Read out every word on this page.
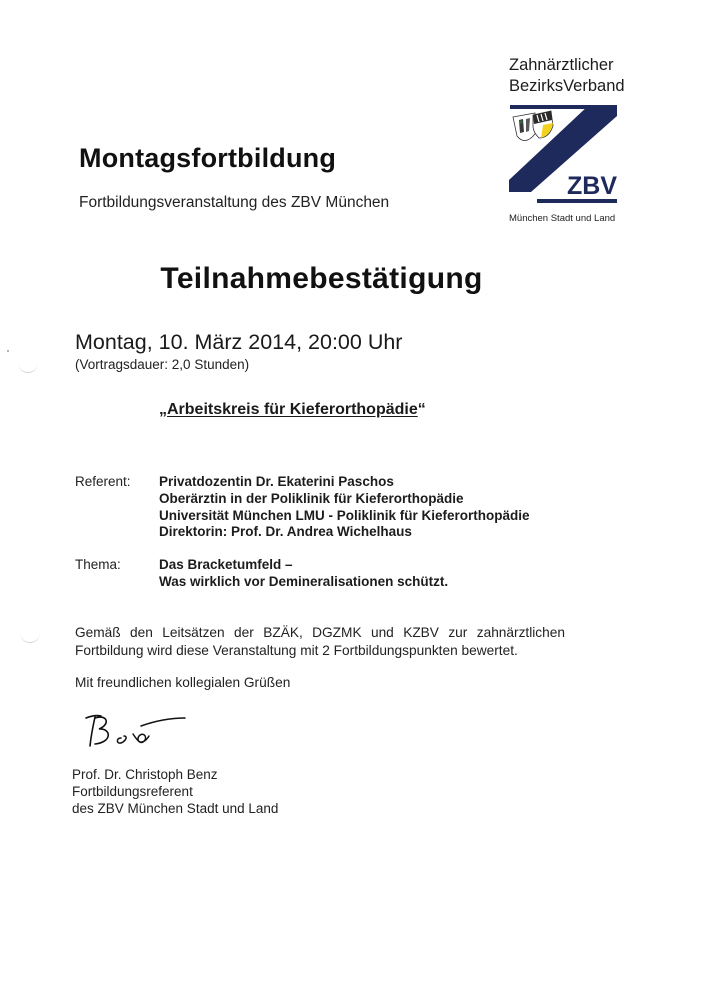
Zahnärztlicher
BezirksVerband
ZBV
München Stadt und Land
Montagsfortbildung
Fortbildungsveranstaltung des ZBV München
Teilnahmebestätigung
Montag, 10. März 2014, 20:00 Uhr
(Vortragsdauer: 2,0 Stunden)
„Arbeitskreis für Kieferorthopädie“
Referent:	Privatdozentin Dr. Ekaterini Paschos
Oberärztin in der Poliklinik für Kieferorthopädie
Universität München LMU - Poliklinik für Kieferorthopädie
Direktorin: Prof. Dr. Andrea Wichelhaus
Thema:	Das Bracketumfeld –
Was wirklich vor Demineralisationen schützt.
Gemäß den Leitsätzen der BZÄK, DGZMK und KZBV zur zahnärztlichen Fortbildung wird diese Veranstaltung mit 2 Fortbildungspunkten bewertet.
Mit freundlichen kollegialen Grüßen
Prof. Dr. Christoph Benz
Fortbildungsreferent
des ZBV München Stadt und Land
